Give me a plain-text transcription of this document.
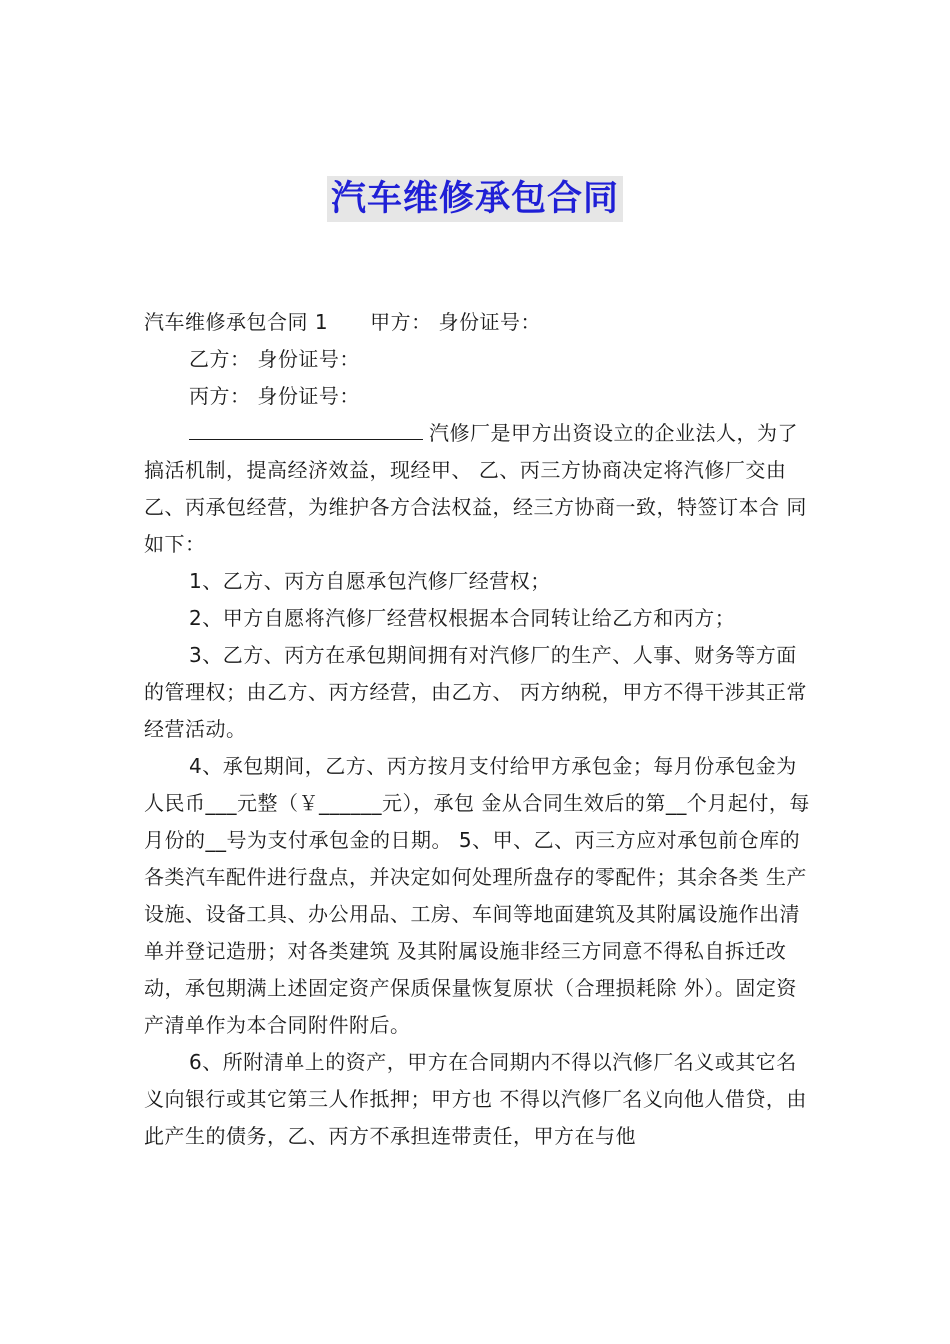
汽车维修承包合同

汽车维修承包合同 1 甲方： 身份证号：

乙方： 身份证号：

丙方： 身份证号：

汽修厂是甲方出资设立的企业法人，为了搞活机制，提高经济效益，现经甲、 乙、丙三方协商决定将汽修厂交由乙、丙承包经营，为维护各方合法权益，经三方协商一致，特签订本合 同如下：

1、乙方、丙方自愿承包汽修厂经营权；

2、甲方自愿将汽修厂经营权根据本合同转让给乙方和丙方；

3、乙方、丙方在承包期间拥有对汽修厂的生产、人事、财务等方面的管理权；由乙方、丙方经营，由乙方、 丙方纳税，甲方不得干涉其正常经营活动。

4、承包期间，乙方、丙方按月支付给甲方承包金；每月份承包金为人民币___元整（￥______元），承包 金从合同生效后的第__个月起付，每月份的__号为支付承包金的日期。 5、甲、乙、丙三方应对承包前仓库的各类汽车配件进行盘点，并决定如何处理所盘存的零配件；其余各类 生产设施、设备工具、办公用品、工房、车间等地面建筑及其附属设施作出清单并登记造册；对各类建筑 及其附属设施非经三方同意不得私自拆迁改动，承包期满上述固定资产保质保量恢复原状（合理损耗除 外）。固定资产清单作为本合同附件附后。

6、所附清单上的资产，甲方在合同期内不得以汽修厂名义或其它名义向银行或其它第三人作抵押；甲方也 不得以汽修厂名义向他人借贷，由此产生的债务，乙、丙方不承担连带责任，甲方在与他
